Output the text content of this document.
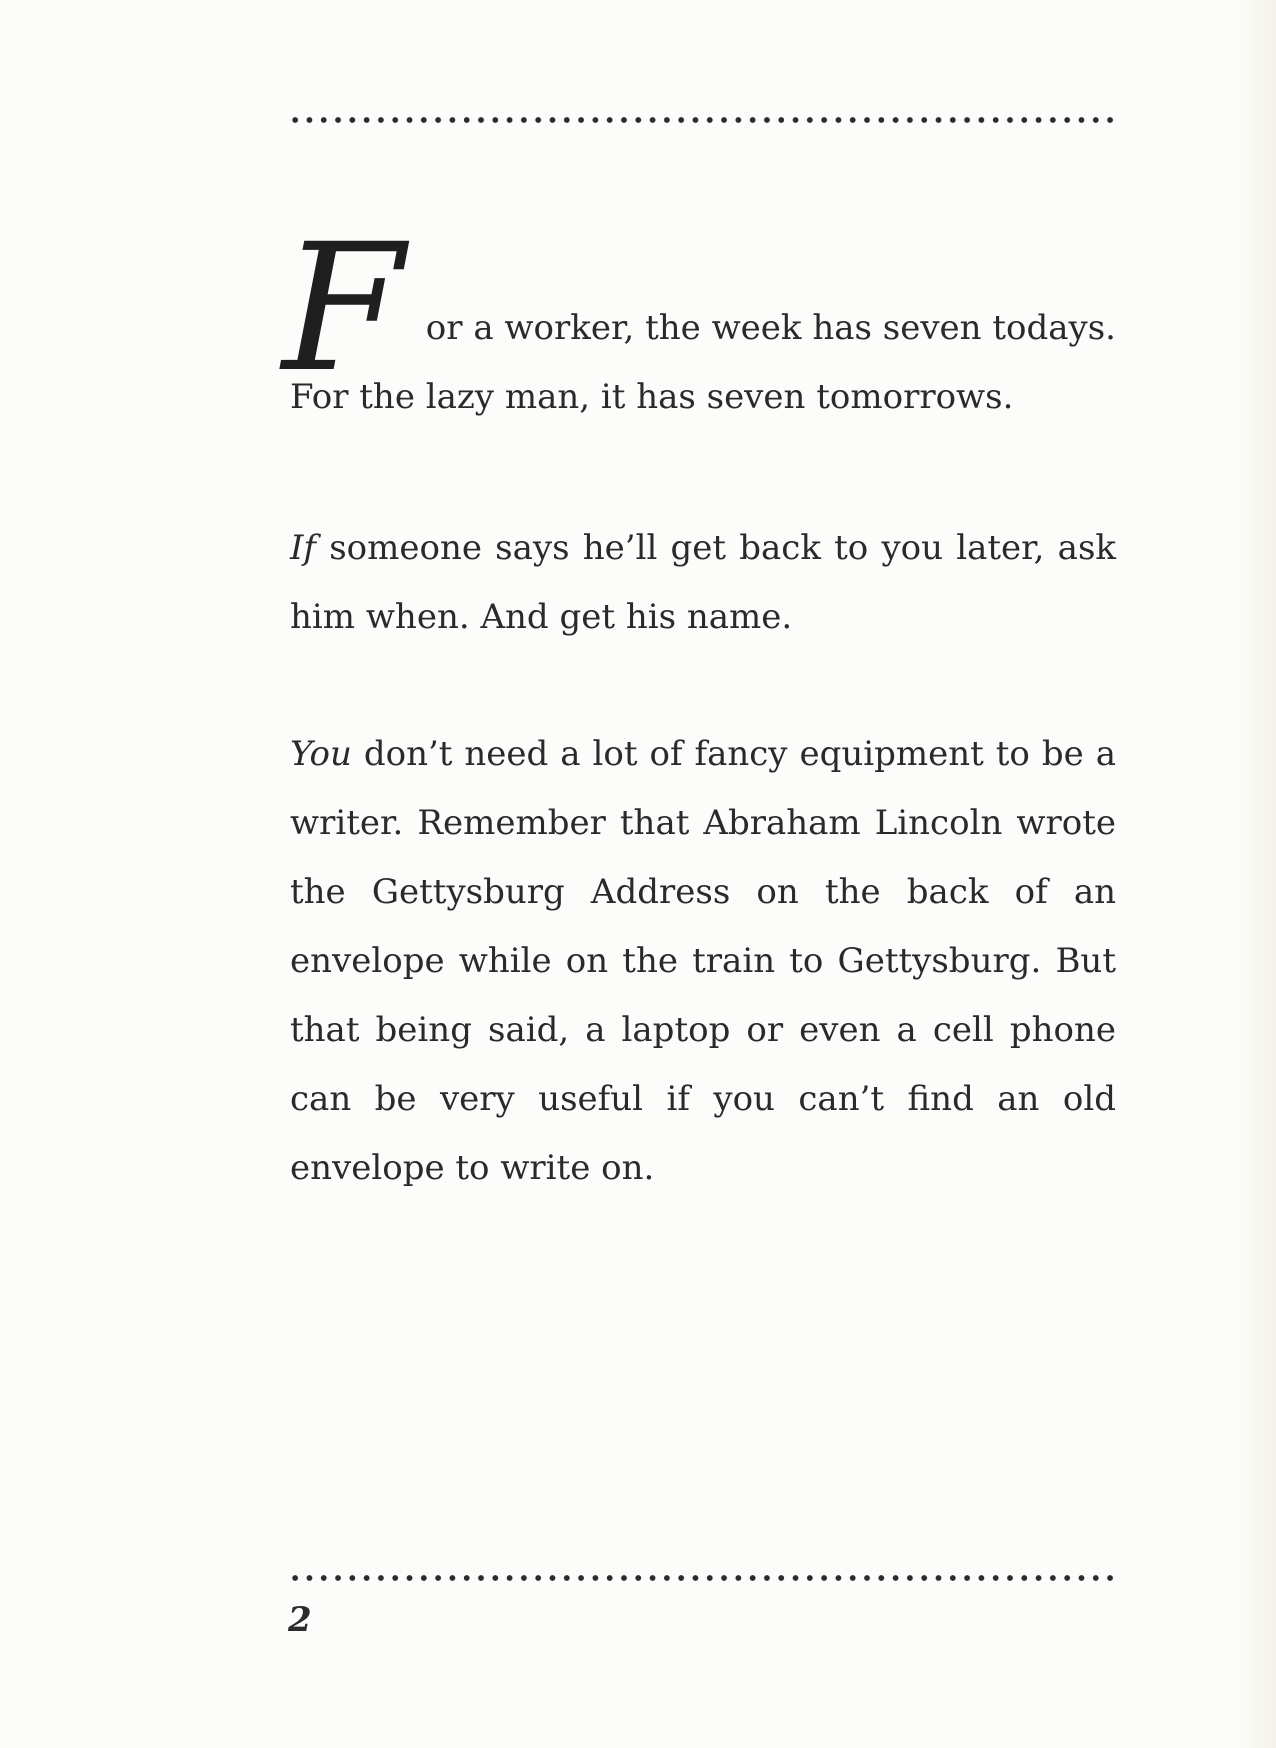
F or a worker, the week has seven todays.
For the lazy man, it has seven tomorrows.
If someone says he’ll get back to you later, ask him when. And get his name.
You don’t need a lot of fancy equipment to be a writer. Remember that Abraham Lincoln wrote the Gettysburg Address on the back of an envelope while on the train to Gettysburg. But that being said, a laptop or even a cell phone can be very useful if you can’t find an old envelope to write on.
2
